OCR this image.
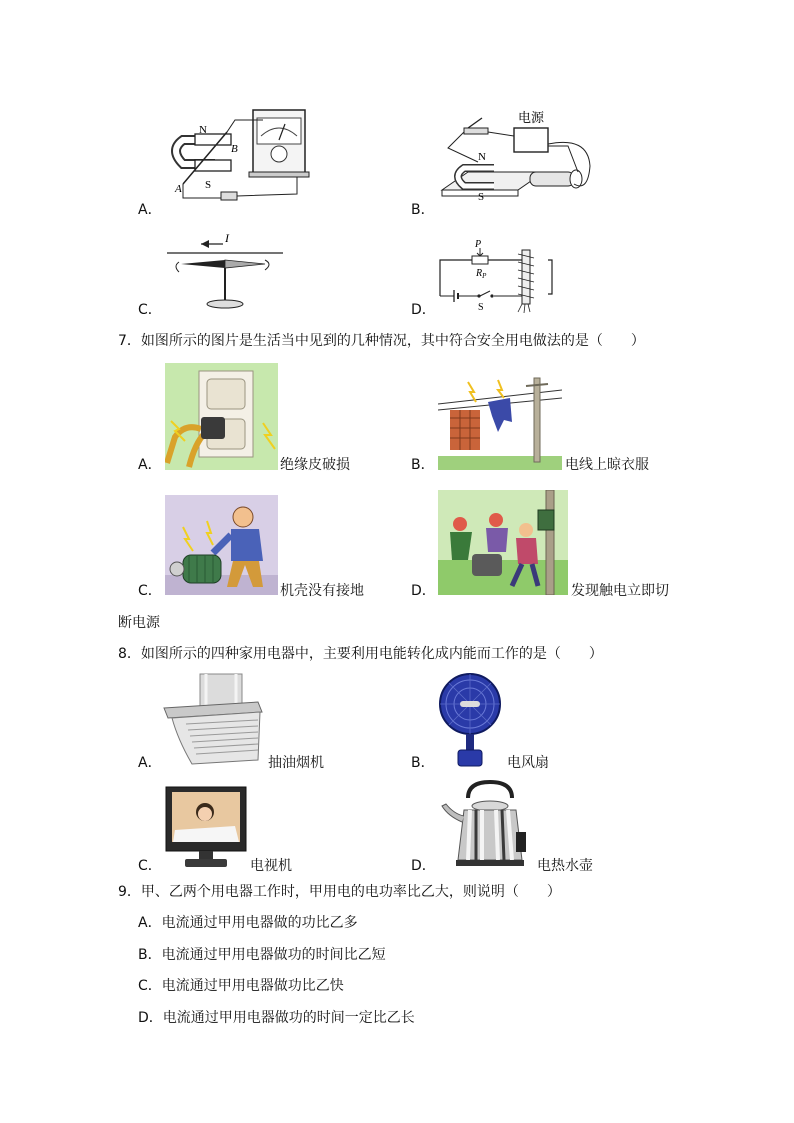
A．
N
S
A
B
B．
电源
N
S
C．
I
D．
P
$R_P$
S
7．如图所示的图片是生活当中见到的几种情况，其中符合安全用电做法的是（　　）
A．	绝缘皮破损	B．	电线上晾衣服
C．	机壳没有接地	D．	发现触电立即切
断电源
8．如图所示的四种家用电器中，主要利用电能转化成内能而工作的是（　　）
A．	抽油烟机	B．	电风扇
C．	电视机	D．	电热水壶
9．甲、乙两个用电器工作时，甲用电的电功率比乙大，则说明（　　）
A．电流通过甲用电器做的功比乙多
B．电流通过甲用电器做功的时间比乙短
C．电流通过甲用电器做功比乙快
D．电流通过甲用电器做功的时间一定比乙长
